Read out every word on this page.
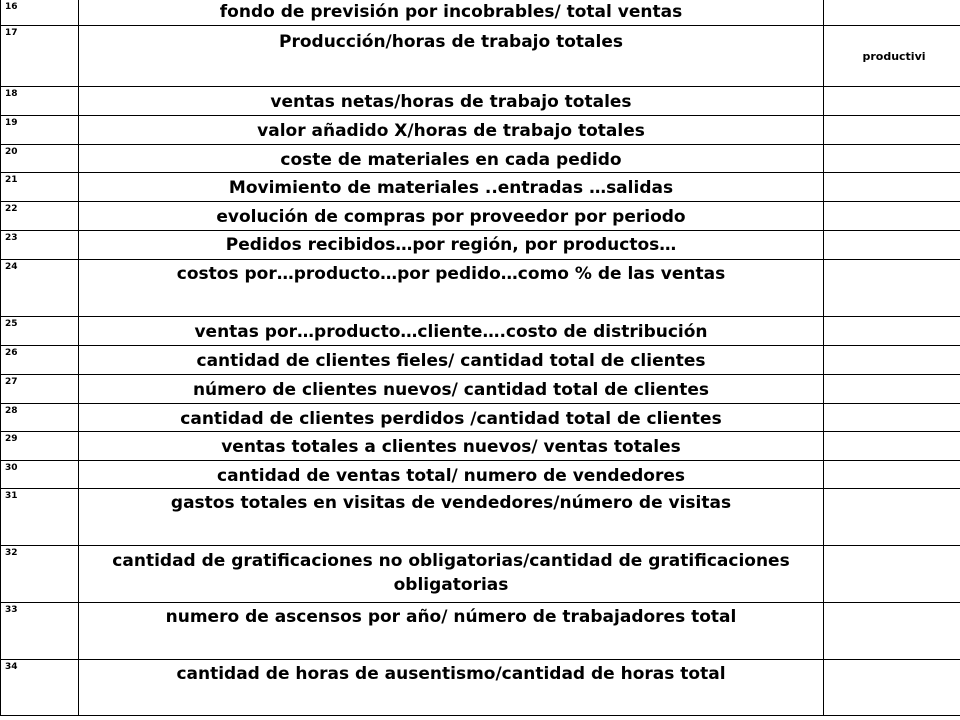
16	fondo de previsión por incobrables/ total ventas	
17	Producción/horas de trabajo totales	productivi
18	ventas netas/horas de trabajo totales	
19	valor añadido X/horas de trabajo totales	
20	coste de materiales en cada pedido	
21	Movimiento de materiales ..entradas …salidas	
22	evolución de compras por proveedor por periodo	
23	Pedidos recibidos…por región, por productos…	
24	costos por…producto…por pedido…como % de las ventas	
25	ventas por…producto…cliente….costo de distribución	
26	cantidad de clientes fieles/ cantidad total de clientes	
27	número de clientes nuevos/ cantidad total de clientes	
28	cantidad de clientes perdidos /cantidad total de clientes	
29	ventas totales a clientes nuevos/ ventas totales	
30	cantidad de ventas total/ numero de vendedores	
31	gastos totales en visitas de vendedores/número de visitas	
32	cantidad de gratificaciones no obligatorias/cantidad de gratificaciones obligatorias	
33	numero de ascensos por año/ número de trabajadores total	
34	cantidad de horas de ausentismo/cantidad de horas total	
